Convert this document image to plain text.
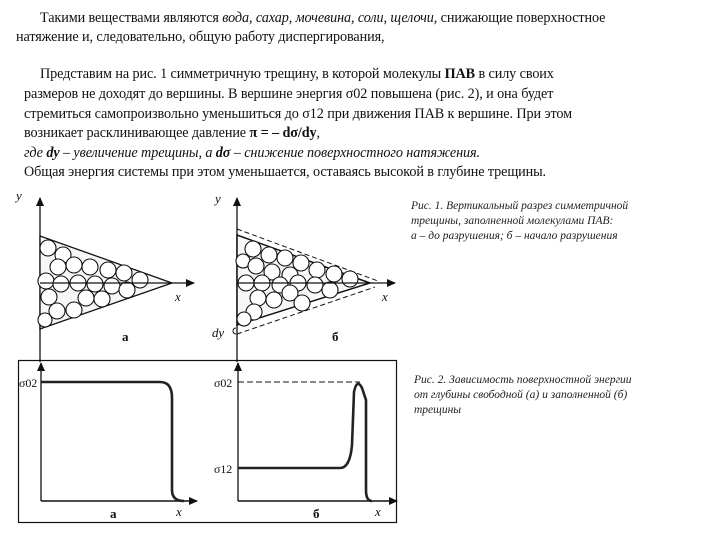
Такими веществами являются вода, сахар, мочевина, соли, щелочи, снижающие поверхностное
натяжение и, следовательно, общую работу диспергирования,
Представим на рис. 1 симметричную трещину, в которой молекулы ПАВ в силу своих
размеров не доходят до вершины. В вершине энергия σ02 повышена (рис. 2), и она будет
стремиться самопроизвольно уменьшиться до σ12 при движения ПАВ к вершине. При этом
возникает расклинивающее давление π = – dσ/dy,
где dy – увеличение трещины, а dσ – снижение поверхностного натяжения.
Общая энергия системы при этом уменьшается, оставаясь высокой в глубине трещины.
y
x
а
y
x
dy	б
Рис. 1. Вертикальный разрез симметричной
трещины, заполненной молекулами ПАВ:
а – до разрушения; б – начало разрушения
σ02
x
а
σ02
σ12
x
б
Рис. 2. Зависимость поверхностной энергии
от глубины свободной (а) и заполненной (б)
трещины
